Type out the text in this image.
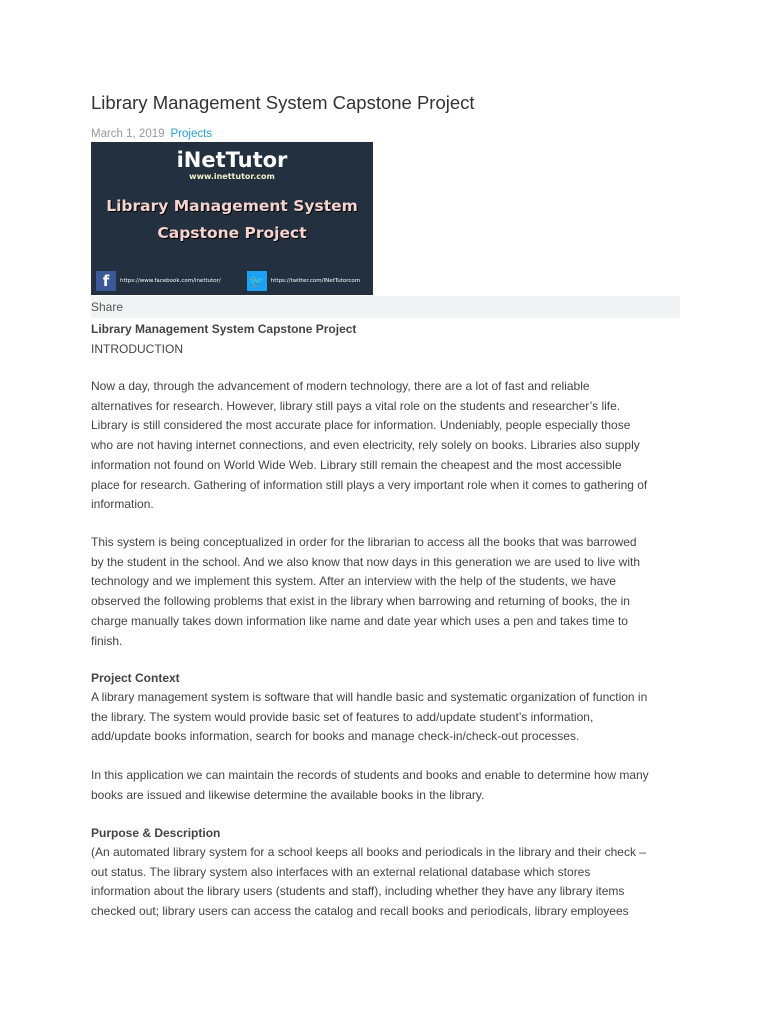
Library Management System Capstone Project
March 1, 2019 Projects
iNetTutor
www.inettutor.com
Library Management System
Capstone Project
f	https://www.facebook.com/inettutor/ 🐦	https://twitter.com/INetTutorcom
Share
Library Management System Capstone Project
INTRODUCTION
Now a day, through the advancement of modern technology, there are a lot of fast and reliable
alternatives for research. However, library still pays a vital role on the students and researcher’s life.
Library is still considered the most accurate place for information. Undeniably, people especially those
who are not having internet connections, and even electricity, rely solely on books. Libraries also supply
information not found on World Wide Web. Library still remain the cheapest and the most accessible
place for research. Gathering of information still plays a very important role when it comes to gathering of
information.
This system is being conceptualized in order for the librarian to access all the books that was barrowed
by the student in the school. And we also know that now days in this generation we are used to live with
technology and we implement this system. After an interview with the help of the students, we have
observed the following problems that exist in the library when barrowing and returning of books, the in
charge manually takes down information like name and date year which uses a pen and takes time to
finish.
Project Context
A library management system is software that will handle basic and systematic organization of function in
the library. The system would provide basic set of features to add/update student’s information,
add/update books information, search for books and manage check-in/check-out processes.
In this application we can maintain the records of students and books and enable to determine how many
books are issued and likewise determine the available books in the library.
Purpose & Description
(An automated library system for a school keeps all books and periodicals in the library and their check –
out status. The library system also interfaces with an external relational database which stores
information about the library users (students and staff), including whether they have any library items
checked out; library users can access the catalog and recall books and periodicals, library employees
